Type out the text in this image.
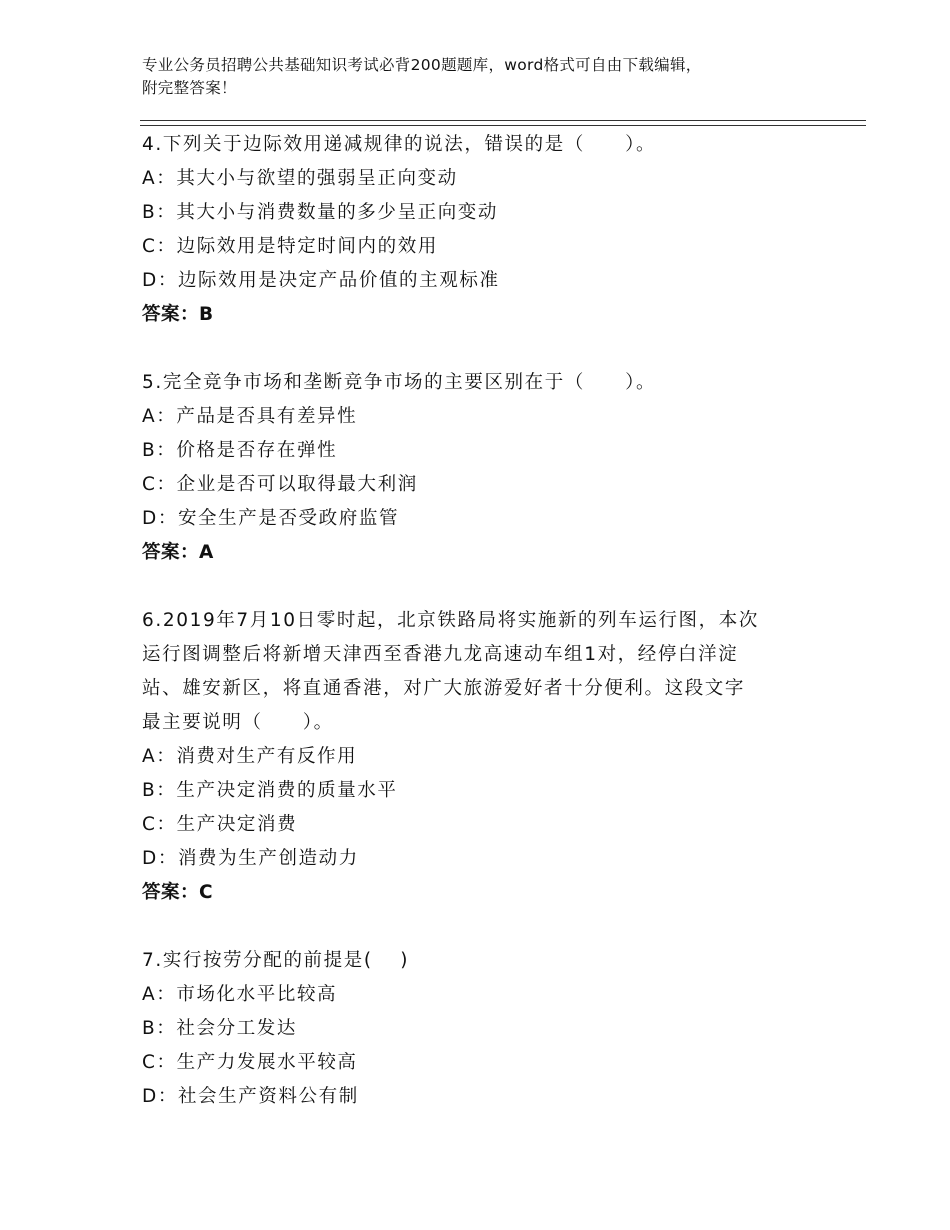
专业公务员招聘公共基础知识考试必背200题题库，word格式可自由下载编辑，
附完整答案！
4.下列关于边际效用递减规律的说法，错误的是（　　）。
A：其大小与欲望的强弱呈正向变动
B：其大小与消费数量的多少呈正向变动
C：边际效用是特定时间内的效用
D：边际效用是决定产品价值的主观标准
答案：B
5.完全竞争市场和垄断竞争市场的主要区别在于（　　）。
A：产品是否具有差异性
B：价格是否存在弹性
C：企业是否可以取得最大利润
D：安全生产是否受政府监管
答案：A
6.2019年7月10日零时起，北京铁路局将实施新的列车运行图，本次
运行图调整后将新增天津西至香港九龙高速动车组1对，经停白洋淀
站、雄安新区，将直通香港，对广大旅游爱好者十分便利。这段文字
最主要说明（　　）。
A：消费对生产有反作用
B：生产决定消费的质量水平
C：生产决定消费
D：消费为生产创造动力
答案：C
7.实行按劳分配的前提是(　 )
A：市场化水平比较高
B：社会分工发达
C：生产力发展水平较高
D：社会生产资料公有制
